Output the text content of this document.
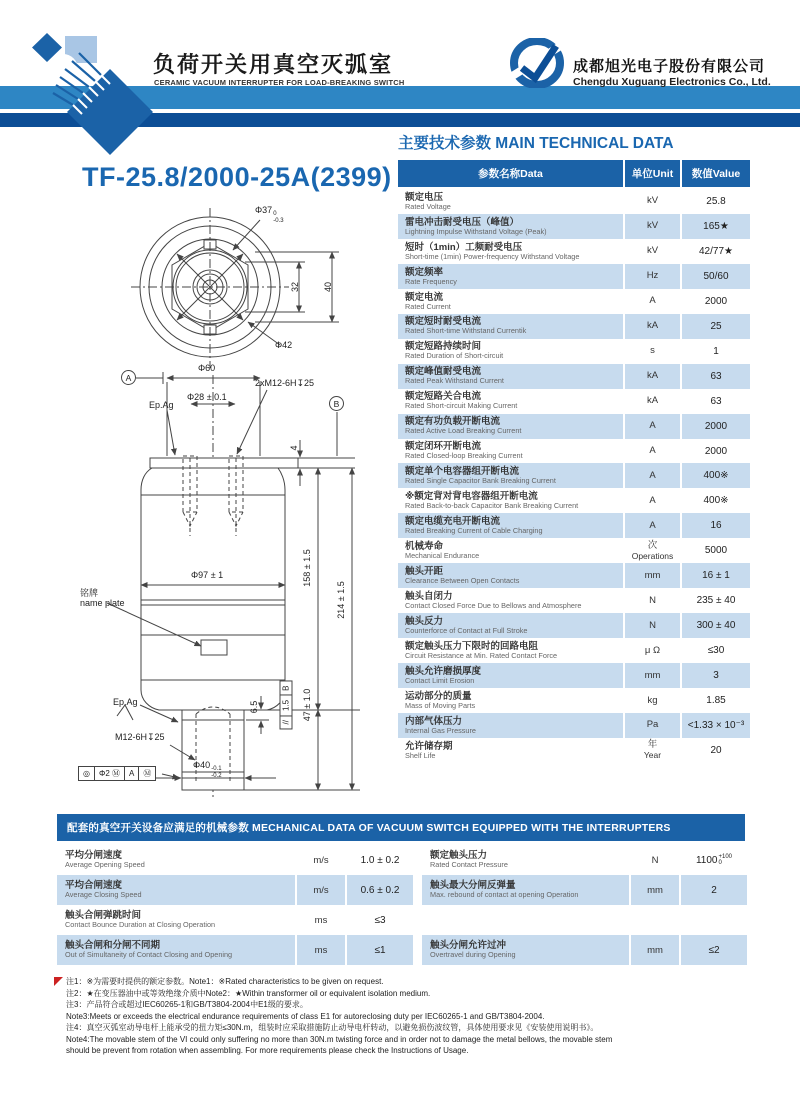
负荷开关用真空灭弧室
CERAMIC VACUUM INTERRUPTER FOR LOAD-BREAKING SWITCH
成都旭光电子股份有限公司
Chengdu Xuguang Electronics Co., Ltd.
TF-25.8/2000-25A(2399)
Φ37 0
-0.3
32	40
Φ42
A
Φ60
2xM12-6H↧25
Φ28 ± 0.1
Ep.Ag	B
4
158 ± 1.5
214 ± 1.5
Φ97 ± 1
铭牌
name plate
Ep.Ag	6.5	47 ± 1.0
M12-6H↧25
Φ40 -0.1
-0.2
◎	Φ2 Ⓜ	A	Ⓜ
//
1.5
B
主要技术参数 MAIN TECHNICAL DATA
参数名称Data	单位Unit	数值Value
额定电压
Rated Voltage	kV	25.8
雷电冲击耐受电压（峰值）
Lightning Impulse Withstand Voltage (Peak)	kV	165★
短时（1min）工频耐受电压
Short-time (1min) Power-frequency Withstand Voltage	kV	42/77★
额定频率
Rate Frequency	Hz	50/60
额定电流
Rated Current	A	2000
额定短时耐受电流
Rated Short-time Withstand Currentik	kA	25
额定短路持续时间
Rated Duration of Short-circuit	s	1
额定峰值耐受电流
Rated Peak Withstand Current	kA	63
额定短路关合电流
Rated Short-circuit Making Current	kA	63
额定有功负载开断电流
Rated Active Load Breaking Current	A	2000
额定闭环开断电流
Rated Closed-loop Breaking Current	A	2000
额定单个电容器组开断电流
Rated Single Capacitor Bank Breaking Current	A	400※
※额定背对背电容器组开断电流
Rated Back-to-back Capacitor Bank Breaking Current	A	400※
额定电缆充电开断电流
Rated Breaking Current of Cable Charging	A	16
机械寿命
Mechanical Endurance
次
Operations	5000
触头开距
Clearance Between Open Contacts	mm	16 ± 1
触头自闭力
Contact Closed Force Due to Bellows and Atmosphere	N	235 ± 40
触头反力
Counterforce of Contact at Full Stroke	N	300 ± 40
额定触头压力下限时的回路电阻
Circuit Resistance at Min. Rated Contact Force	μ Ω	≤30
触头允许磨损厚度
Contact Limit Erosion	mm	3
运动部分的质量
Mass of Moving Parts	kg	1.85
内部气体压力
Internal Gas Pressure	Pa	<1.33 × 10⁻³
允许储存期
Shelf Life
年
Year	20
配套的真空开关设备应满足的机械参数 MECHANICAL DATA OF VACUUM SWITCH EQUIPPED WITH THE INTERRUPTERS
平均分闸速度
Average Opening Speed	m/s	1.0 ± 0.2
平均合闸速度
Average Closing Speed	m/s	0.6 ± 0.2
触头合闸弹跳时间
Contact Bounce Duration at Closing Operation	ms	≤3
触头合闸和分闸不同期
Out of Simultaneity of Contact Closing and Opening	ms	≤1
额定触头压力
Rated Contact Pressure	N	1100 +100
0
触头最大分闸反弹量
Max. rebound of contact at opening Operation	mm	2
触头分闸允许过冲
Overtravel during Opening	mm	≤2
注1：※为需要时提供的额定参数。Note1：※Rated characteristics to be given on request.
注2：★在变压器油中或等效绝缘介质中Note2：★Within transformer oil or equivalent isolation medium.
注3：产品符合或超过IEC60265-1和GB/T3804-2004中E1级的要求。
Note3:Meets or exceeds the electrical endurance requirements of class E1 for autoreclosing duty per IEC60265-1 and GB/T3804-2004.
注4：真空灭弧室动导电杆上能承受的扭力矩≤30N.m，组装时应采取措施防止动导电杆转动，以避免损伤波纹管，具体使用要求见《安装使用说明书》。
Note4:The movable stem of the VI could only suffering no more than 30N.m twisting force and in order not to damage the metal bellows, the movable stem
should be prevent from rotation when assembling. For more requirements please check the Instructions of Usage.
